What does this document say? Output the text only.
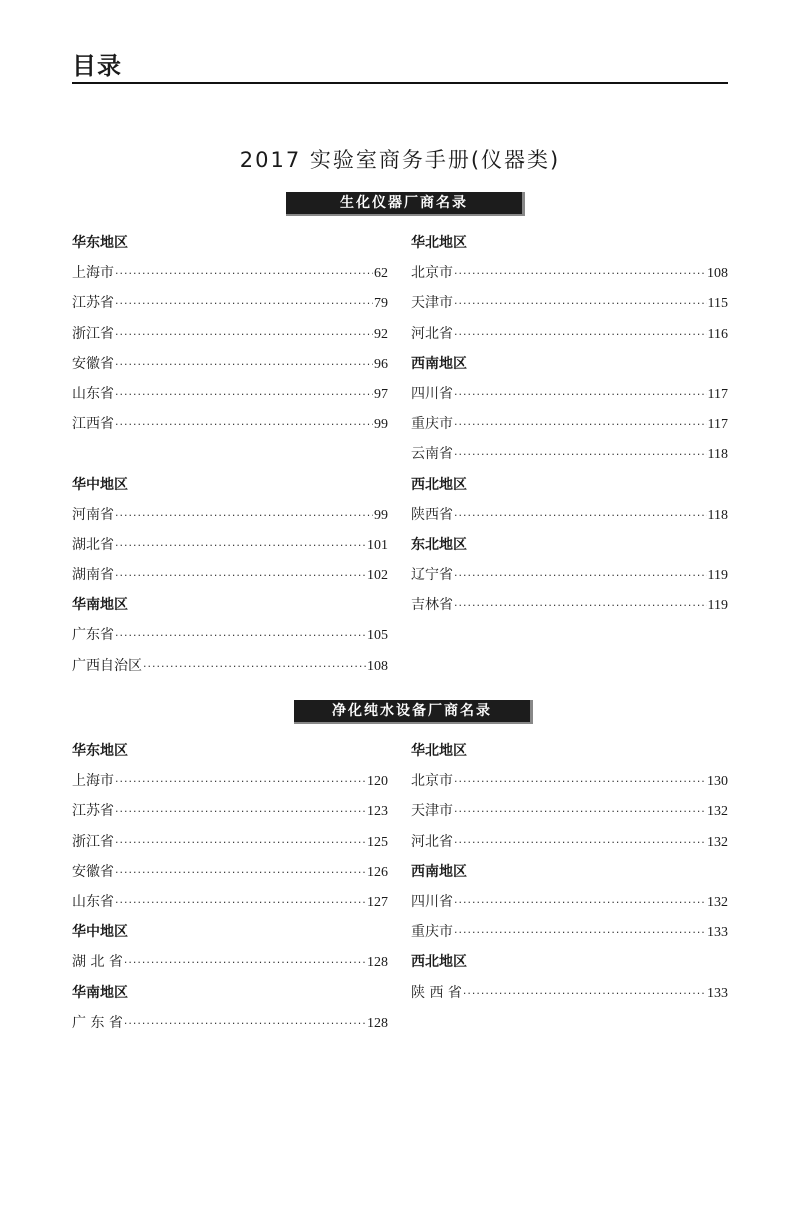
目录
2017 实验室商务手册(仪器类)
生化仪器厂商名录
华东地区
上海市 ·····	62
江苏省 ·····	79
浙江省 ·····	92
安徽省 ·····	96
山东省 ·····	97
江西省 ·····	99
华中地区
河南省 ·····	99
湖北省 ·····	101
湖南省 ·····	102
华南地区
广东省 ·····	105
广西自治区 ·····	108
华北地区
北京市 ·····	108
天津市 ·····	115
河北省 ·····	116
西南地区
四川省 ·····	117
重庆市 ·····	117
云南省 ·····	118
西北地区
陕西省 ·····	118
东北地区
辽宁省 ·····	119
吉林省 ·····	119
净化纯水设备厂商名录
华东地区
上海市 ·····	120
江苏省 ·····	123
浙江省 ·····	125
安徽省 ·····	126
山东省 ·····	127
华中地区
湖 北 省 ·····	128
华南地区
广 东 省 ·····	128
华北地区
北京市 ·····	130
天津市 ·····	132
河北省 ·····	132
西南地区
四川省 ·····	132
重庆市 ·····	133
西北地区
陕 西 省 ·····	133
